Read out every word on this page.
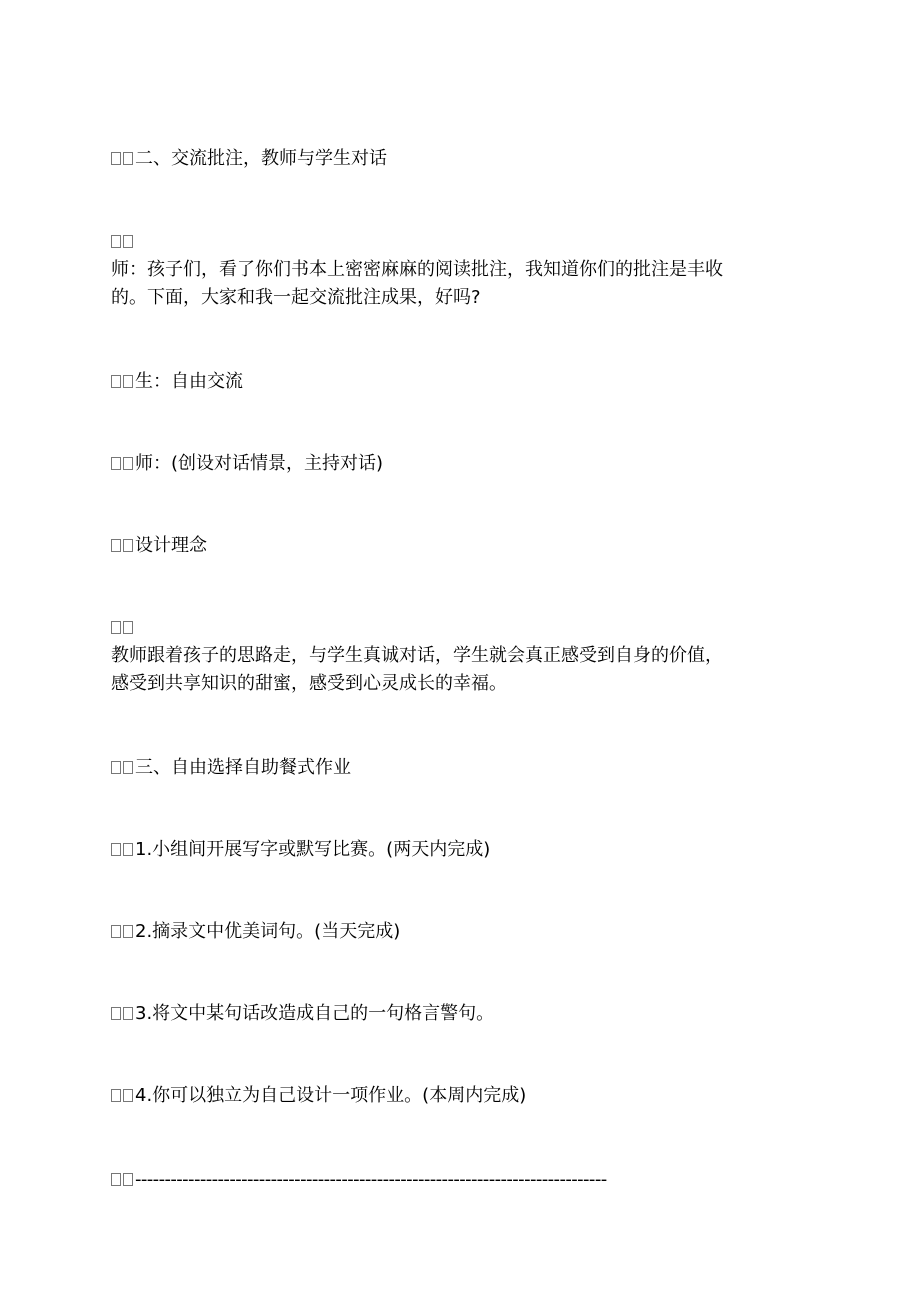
二、交流批注，教师与学生对话
师：孩子们，看了你们书本上密密麻麻的阅读批注，我知道你们的批注是丰收
的。下面，大家和我一起交流批注成果，好吗?
生：自由交流
师：(创设对话情景，主持对话)
设计理念
教师跟着孩子的思路走，与学生真诚对话，学生就会真正感受到自身的价值，
感受到共享知识的甜蜜，感受到心灵成长的幸福。
三、自由选择自助餐式作业
1.小组间开展写字或默写比赛。(两天内完成)
2.摘录文中优美词句。(当天完成)
3.将文中某句话改造成自己的一句格言警句。
4.你可以独立为自己设计一项作业。(本周内完成)
--------------------------------------------------------------------------------
